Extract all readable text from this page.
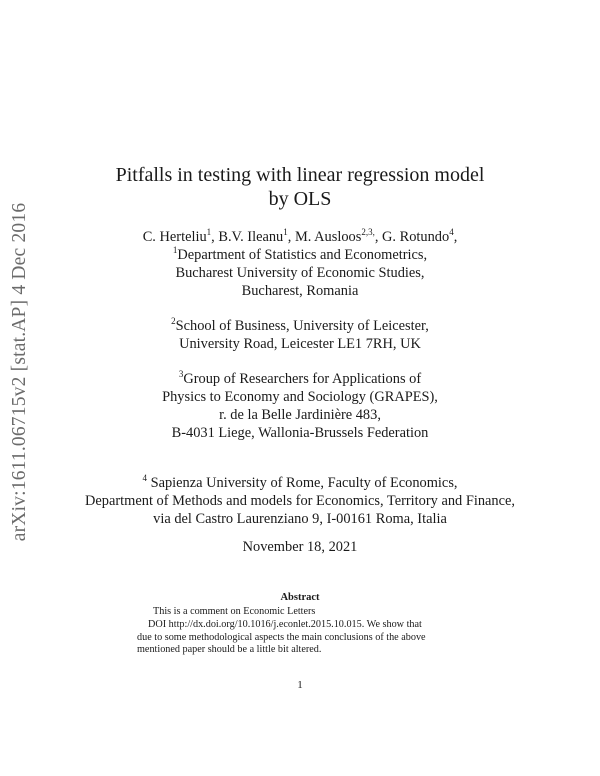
arXiv:1611.06715v2 [stat.AP] 4 Dec 2016
Pitfalls in testing with linear regression model
by OLS
C. Herteliu$^1$, B.V. Ileanu$^1$, M. Ausloos$^{2,3,}$, G. Rotundo$^4$,
$^1$Department of Statistics and Econometrics,
Bucharest University of Economic Studies,
Bucharest, Romania
$^2$School of Business, University of Leicester,
University Road, Leicester LE1 7RH, UK
$^3$Group of Researchers for Applications of
Physics to Economy and Sociology (GRAPES),
r. de la Belle Jardinière 483,
B-4031 Liege, Wallonia-Brussels Federation
$^4$ Sapienza University of Rome, Faculty of Economics,
Department of Methods and models for Economics, Territory and Finance,
via del Castro Laurenziano 9, I-00161 Roma, Italia
November 18, 2021
Abstract
This is a comment on Economic Letters
DOI http://dx.doi.org/10.1016/j.econlet.2015.10.015. We show that
due to some methodological aspects the main conclusions of the above
mentioned paper should be a little bit altered.
1
